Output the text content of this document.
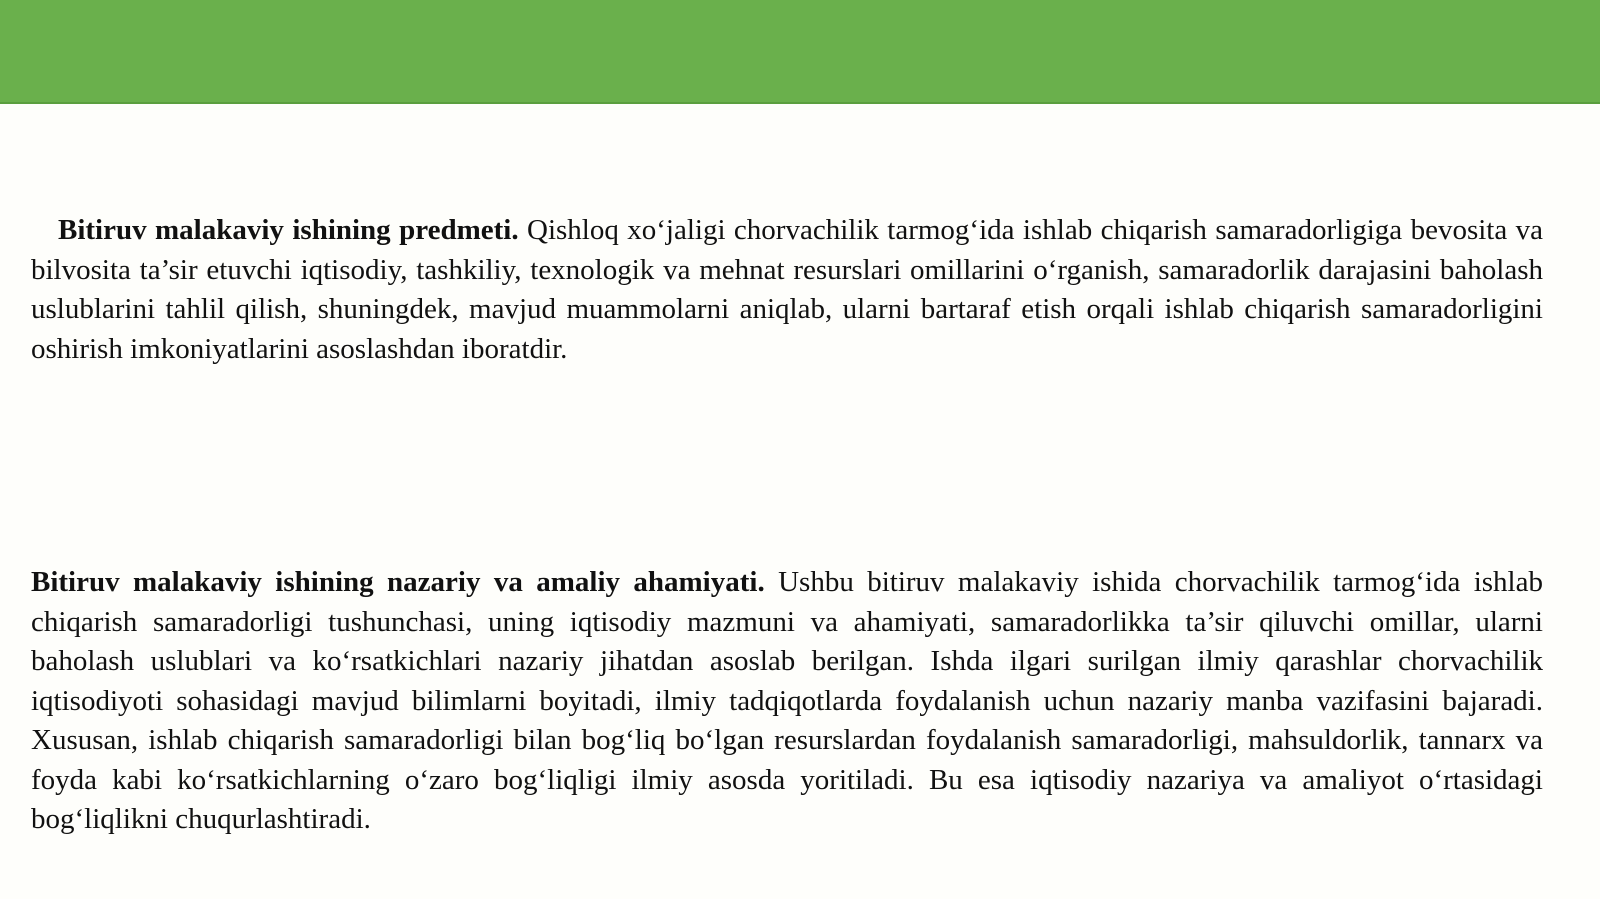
Bitiruv malakaviy ishining predmeti. Qishloq xo‘jaligi chorvachilik tarmog‘ida ishlab chiqarish samaradorligiga bevosita va bilvosita ta’sir etuvchi iqtisodiy, tashkiliy, texnologik va mehnat resurslari omillarini o‘rganish, samaradorlik darajasini baholash uslublarini tahlil qilish, shuningdek, mavjud muammolarni aniqlab, ularni bartaraf etish orqali ishlab chiqarish samaradorligini oshirish imkoniyatlarini asoslashdan iboratdir.

Bitiruv malakaviy ishining nazariy va amaliy ahamiyati. Ushbu bitiruv malakaviy ishida chorvachilik tarmog‘ida ishlab chiqarish samaradorligi tushunchasi, uning iqtisodiy mazmuni va ahamiyati, samaradorlikka ta’sir qiluvchi omillar, ularni baholash uslublari va ko‘rsatkichlari nazariy jihatdan asoslab berilgan. Ishda ilgari surilgan ilmiy qarashlar chorvachilik iqtisodiyoti sohasidagi mavjud bilimlarni boyitadi, ilmiy tadqiqotlarda foydalanish uchun nazariy manba vazifasini bajaradi. Xususan, ishlab chiqarish samaradorligi bilan bog‘liq bo‘lgan resurslardan foydalanish samaradorligi, mahsuldorlik, tannarx va foyda kabi ko‘rsatkichlarning o‘zaro bog‘liqligi ilmiy asosda yoritiladi. Bu esa iqtisodiy nazariya va amaliyot o‘rtasidagi bog‘liqlikni chuqurlashtiradi.
